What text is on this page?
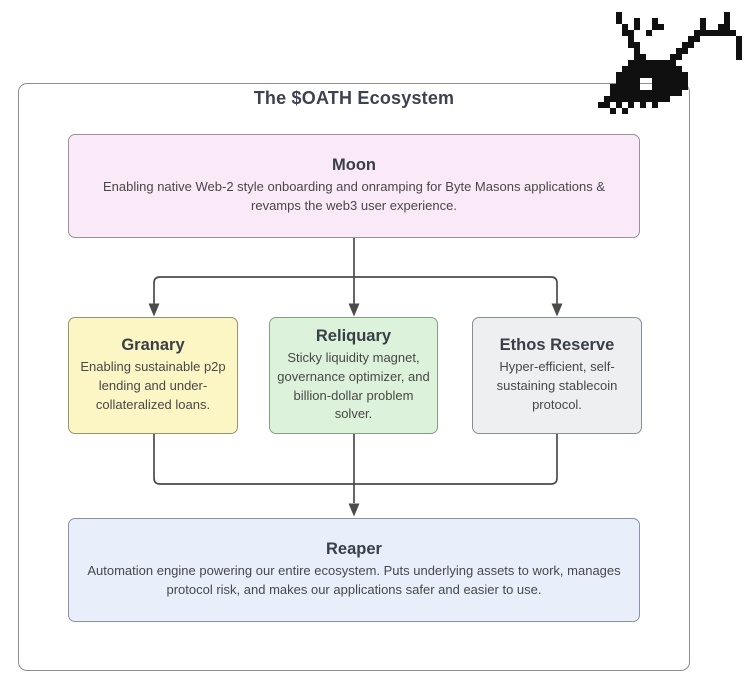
The $OATH Ecosystem
Moon

Enabling native Web-2 style onboarding and onramping for Byte Masons applications & revamps the web3 user experience.

Granary

Enabling sustainable p2p lending and under-collateralized loans.

Reliquary

Sticky liquidity magnet, governance optimizer, and billion-dollar problem solver.

Ethos Reserve

Hyper-efficient, self-sustaining stablecoin protocol.

Reaper

Automation engine powering our entire ecosystem. Puts underlying assets to work, manages protocol risk, and makes our applications safer and easier to use.
